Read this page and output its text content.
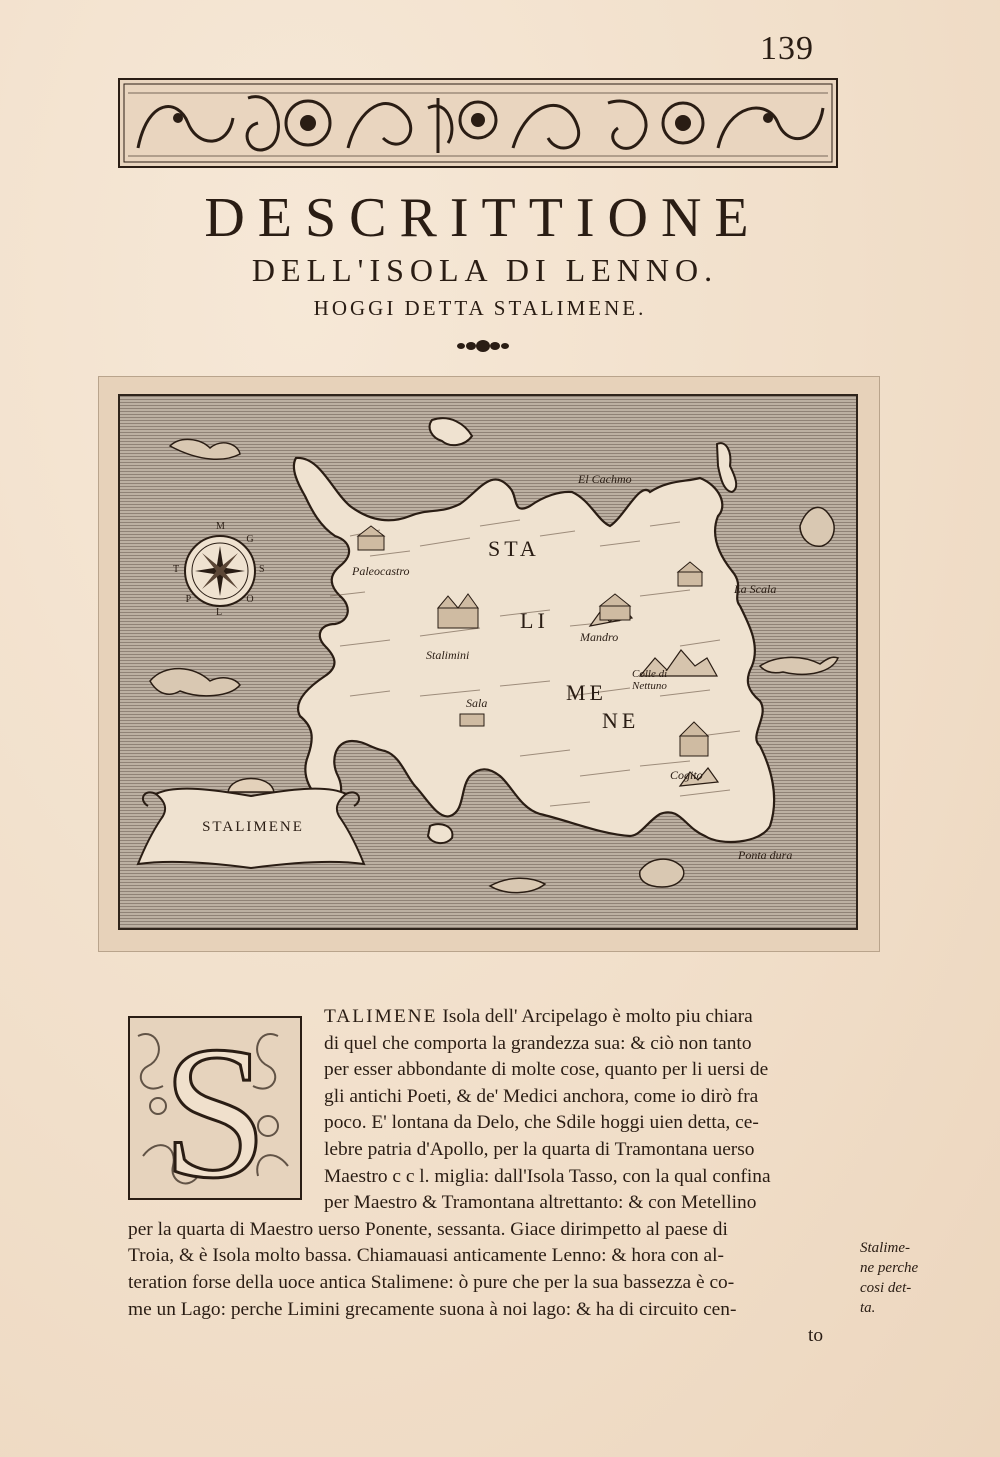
139
DESCRITTIONE
DELL'ISOLA DI LENNO.
HOGGI DETTA STALIMENE.
El Cachmo
Paleocastro
La Scala
Mandro
Stalimini
Colle di Nettuno
Sala
Cogito
Ponta dura
STA
LI
ME
NE
M
G
S
O
L
P
T
STALIMENE
S	TALIMENE Isola dell' Arcipelago è molto piu chiara
di quel che comporta la grandezza sua: & ciò non tanto
per esser abbondante di molte cose, quanto per li uersi de
gli antichi Poeti, & de' Medici anchora, come io dirò fra
poco. E' lontana da Delo, che Sdile hoggi uien detta, ce-
lebre patria d'Apollo, per la quarta di Tramontana uerso
Maestro c c l. miglia: dall'Isola Tasso, con la qual confina
per Maestro & Tramontana altrettanto: & con Metellino
per la quarta di Maestro uerso Ponente, sessanta. Giace dirimpetto al paese di
Troia, & è Isola molto bassa. Chiamauasi anticamente Lenno: & hora con al-
teration forse della uoce antica Stalimene: ò pure che per la sua bassezza è co-
me un Lago: perche Limini grecamente suona à noi lago: & ha di circuito cen-
to
Stalime-
ne perche
cosi det-
ta.
